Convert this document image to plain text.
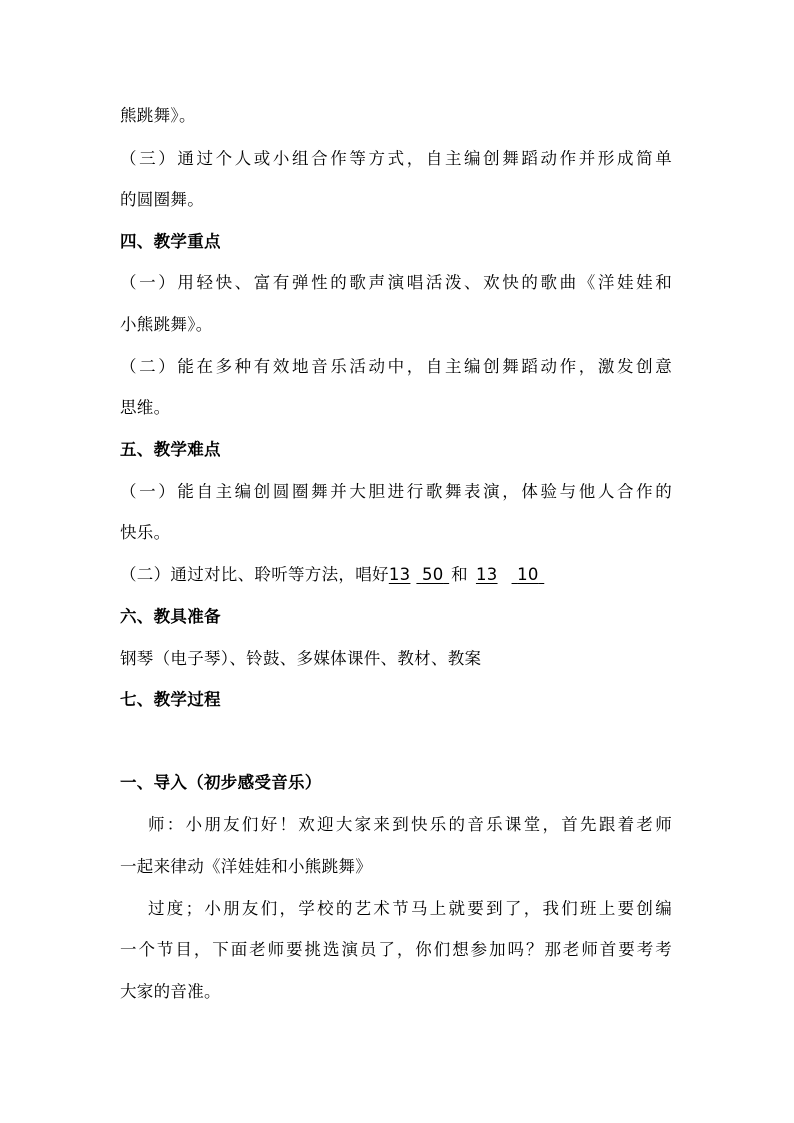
熊跳舞》。
（三）通过个人或小组合作等方式，自主编创舞蹈动作并形成简单
的圆圈舞。
四、教学重点
（一）用轻快、富有弹性的歌声演唱活泼、欢快的歌曲《洋娃娃和
小熊跳舞》。
（二）能在多种有效地音乐活动中，自主编创舞蹈动作，激发创意
思维。
五、教学难点
（一）能自主编创圆圈舞并大胆进行歌舞表演，体验与他人合作的
快乐。
（二）通过对比、聆听等方法，唱好13 50 和 13 10
六、教具准备
钢琴（电子琴）、铃鼓、多媒体课件、教材、教案
七、教学过程
一、导入（初步感受音乐）
师：小朋友们好！欢迎大家来到快乐的音乐课堂，首先跟着老师
一起来律动《洋娃娃和小熊跳舞》
过度；小朋友们，学校的艺术节马上就要到了，我们班上要创编
一个节目，下面老师要挑选演员了，你们想参加吗？那老师首要考考
大家的音准。
